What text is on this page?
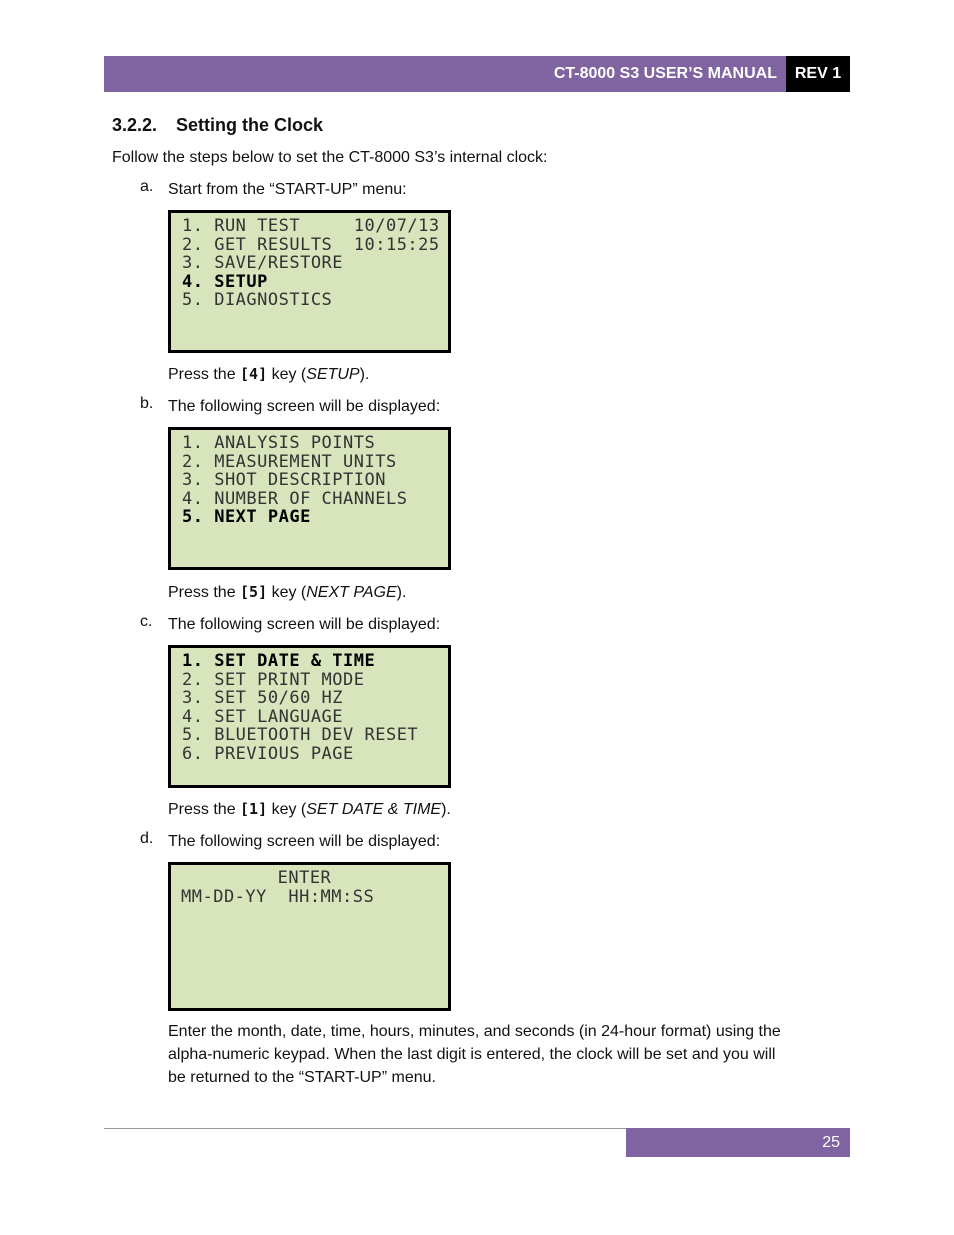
CT-8000 S3 USER’S MANUAL	REV 1
3.2.2. Setting the Clock
Follow the steps below to set the CT-8000 S3’s internal clock:
a. Start from the “START-UP” menu:
1. RUN TEST     10/07/13
2. GET RESULTS  10:15:25
3. SAVE/RESTORE
4. SETUP
5. DIAGNOSTICS
Press the [4] key (SETUP).
b. The following screen will be displayed:
1. ANALYSIS POINTS
2. MEASUREMENT UNITS
3. SHOT DESCRIPTION
4. NUMBER OF CHANNELS
5. NEXT PAGE
Press the [5] key (NEXT PAGE).
c. The following screen will be displayed:
1. SET DATE & TIME
2. SET PRINT MODE
3. SET 50/60 HZ
4. SET LANGUAGE
5. BLUETOOTH DEV RESET
6. PREVIOUS PAGE
Press the [1] key (SET DATE & TIME).
d. The following screen will be displayed:
ENTER
MM-DD-YY  HH:MM:SS
Enter the month, date, time, hours, minutes, and seconds (in 24-hour format) using the
alpha-numeric keypad. When the last digit is entered, the clock will be set and you will
be returned to the “START-UP” menu.
25
